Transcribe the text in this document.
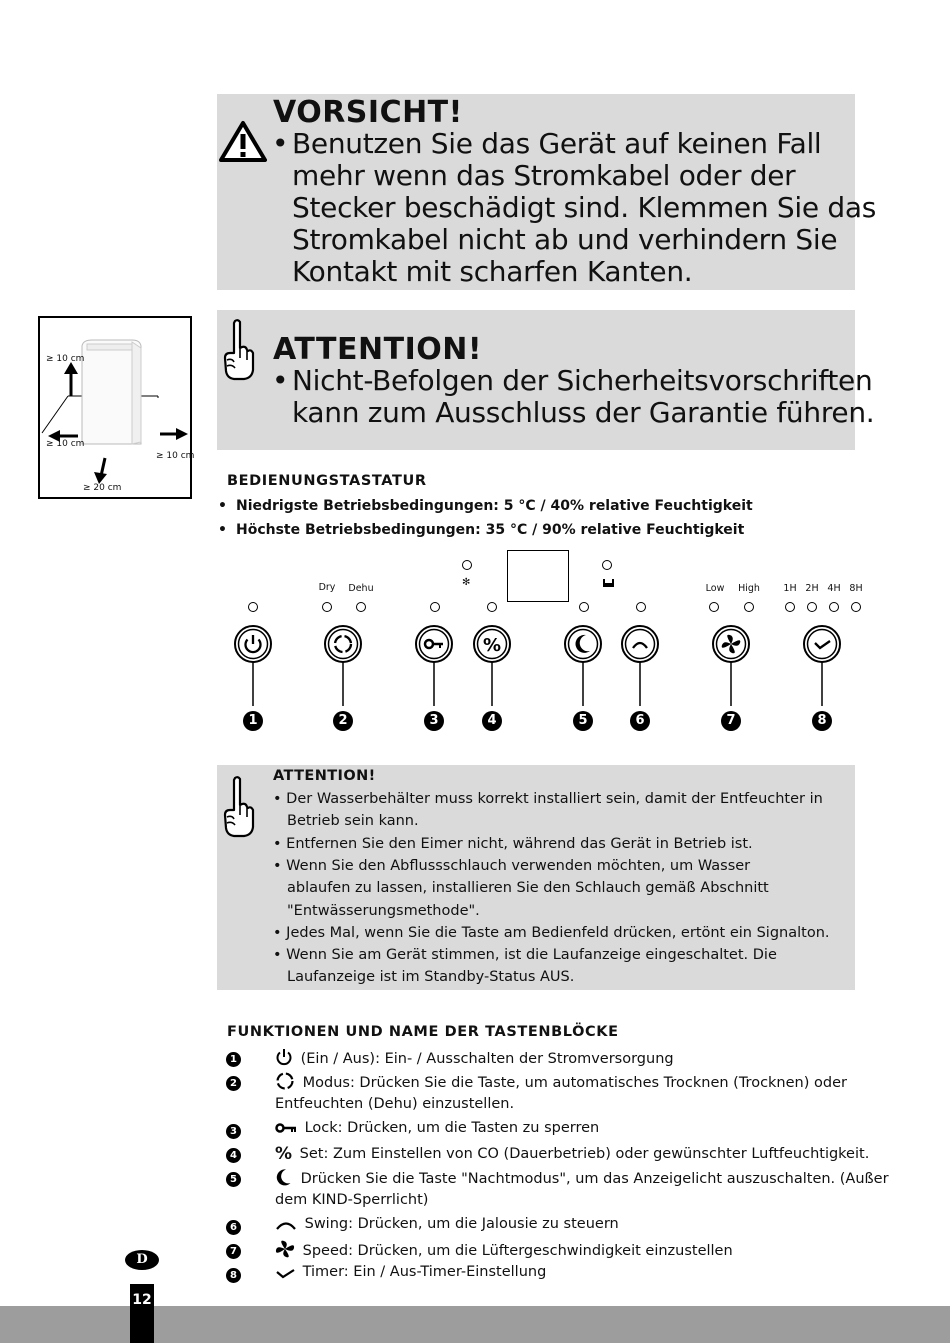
VORSICHT!
• Benutzen Sie das Gerät auf keinen Fall
mehr wenn das Stromkabel oder der
Stecker beschädigt sind. Klemmen Sie das
Stromkabel nicht ab und verhindern Sie
Kontakt mit scharfen Kanten.
≥ 10 cm
≥ 10 cm
≥ 10 cm
≥ 20 cm
ATTENTION!
• Nicht-Befolgen der Sicherheitsvorschriften
kann zum Ausschluss der Garantie führen.
BEDIENUNGSTASTATUR
• Niedrigste Betriebsbedingungen: 5 °C / 40% relative Feuchtigkeit
• Höchste Betriebsbedingungen: 35 °C / 90% relative Feuchtigkeit
✻
Dry Dehu	Low High 1H 2H 4H 8H
%
1	2	3	4	5	6	7	8
ATTENTION!
• Der Wasserbehälter muss korrekt installiert sein, damit der Entfeuchter in
Betrieb sein kann.
• Entfernen Sie den Eimer nicht, während das Gerät in Betrieb ist.
• Wenn Sie den Abflussschlauch verwenden möchten, um Wasser
ablaufen zu lassen, installieren Sie den Schlauch gemäß Abschnitt
"Entwässerungsmethode".
• Jedes Mal, wenn Sie die Taste am Bedienfeld drücken, ertönt ein Signalton.
• Wenn Sie am Gerät stimmen, ist die Laufanzeige eingeschaltet. Die
Laufanzeige ist im Standby-Status AUS.
FUNKTIONEN UND NAME DER TASTENBLÖCKE
1	(Ein / Aus): Ein- / Ausschalten der Stromversorgung
2	Modus: Drücken Sie die Taste, um automatisches Trocknen (Trocknen) oder
Entfeuchten (Dehu) einzustellen.
3	Lock: Drücken, um die Tasten zu sperren
4 % Set: Zum Einstellen von CO (Dauerbetrieb) oder gewünschter Luftfeuchtigkeit.
5	Drücken Sie die Taste "Nachtmodus", um das Anzeigelicht auszuschalten. (Außer
dem KIND-Sperrlicht)
6	Swing: Drücken, um die Jalousie zu steuern
7	Speed: Drücken, um die Lüftergeschwindigkeit einzustellen
8	Timer: Ein / Aus-Timer-Einstellung
D
12
